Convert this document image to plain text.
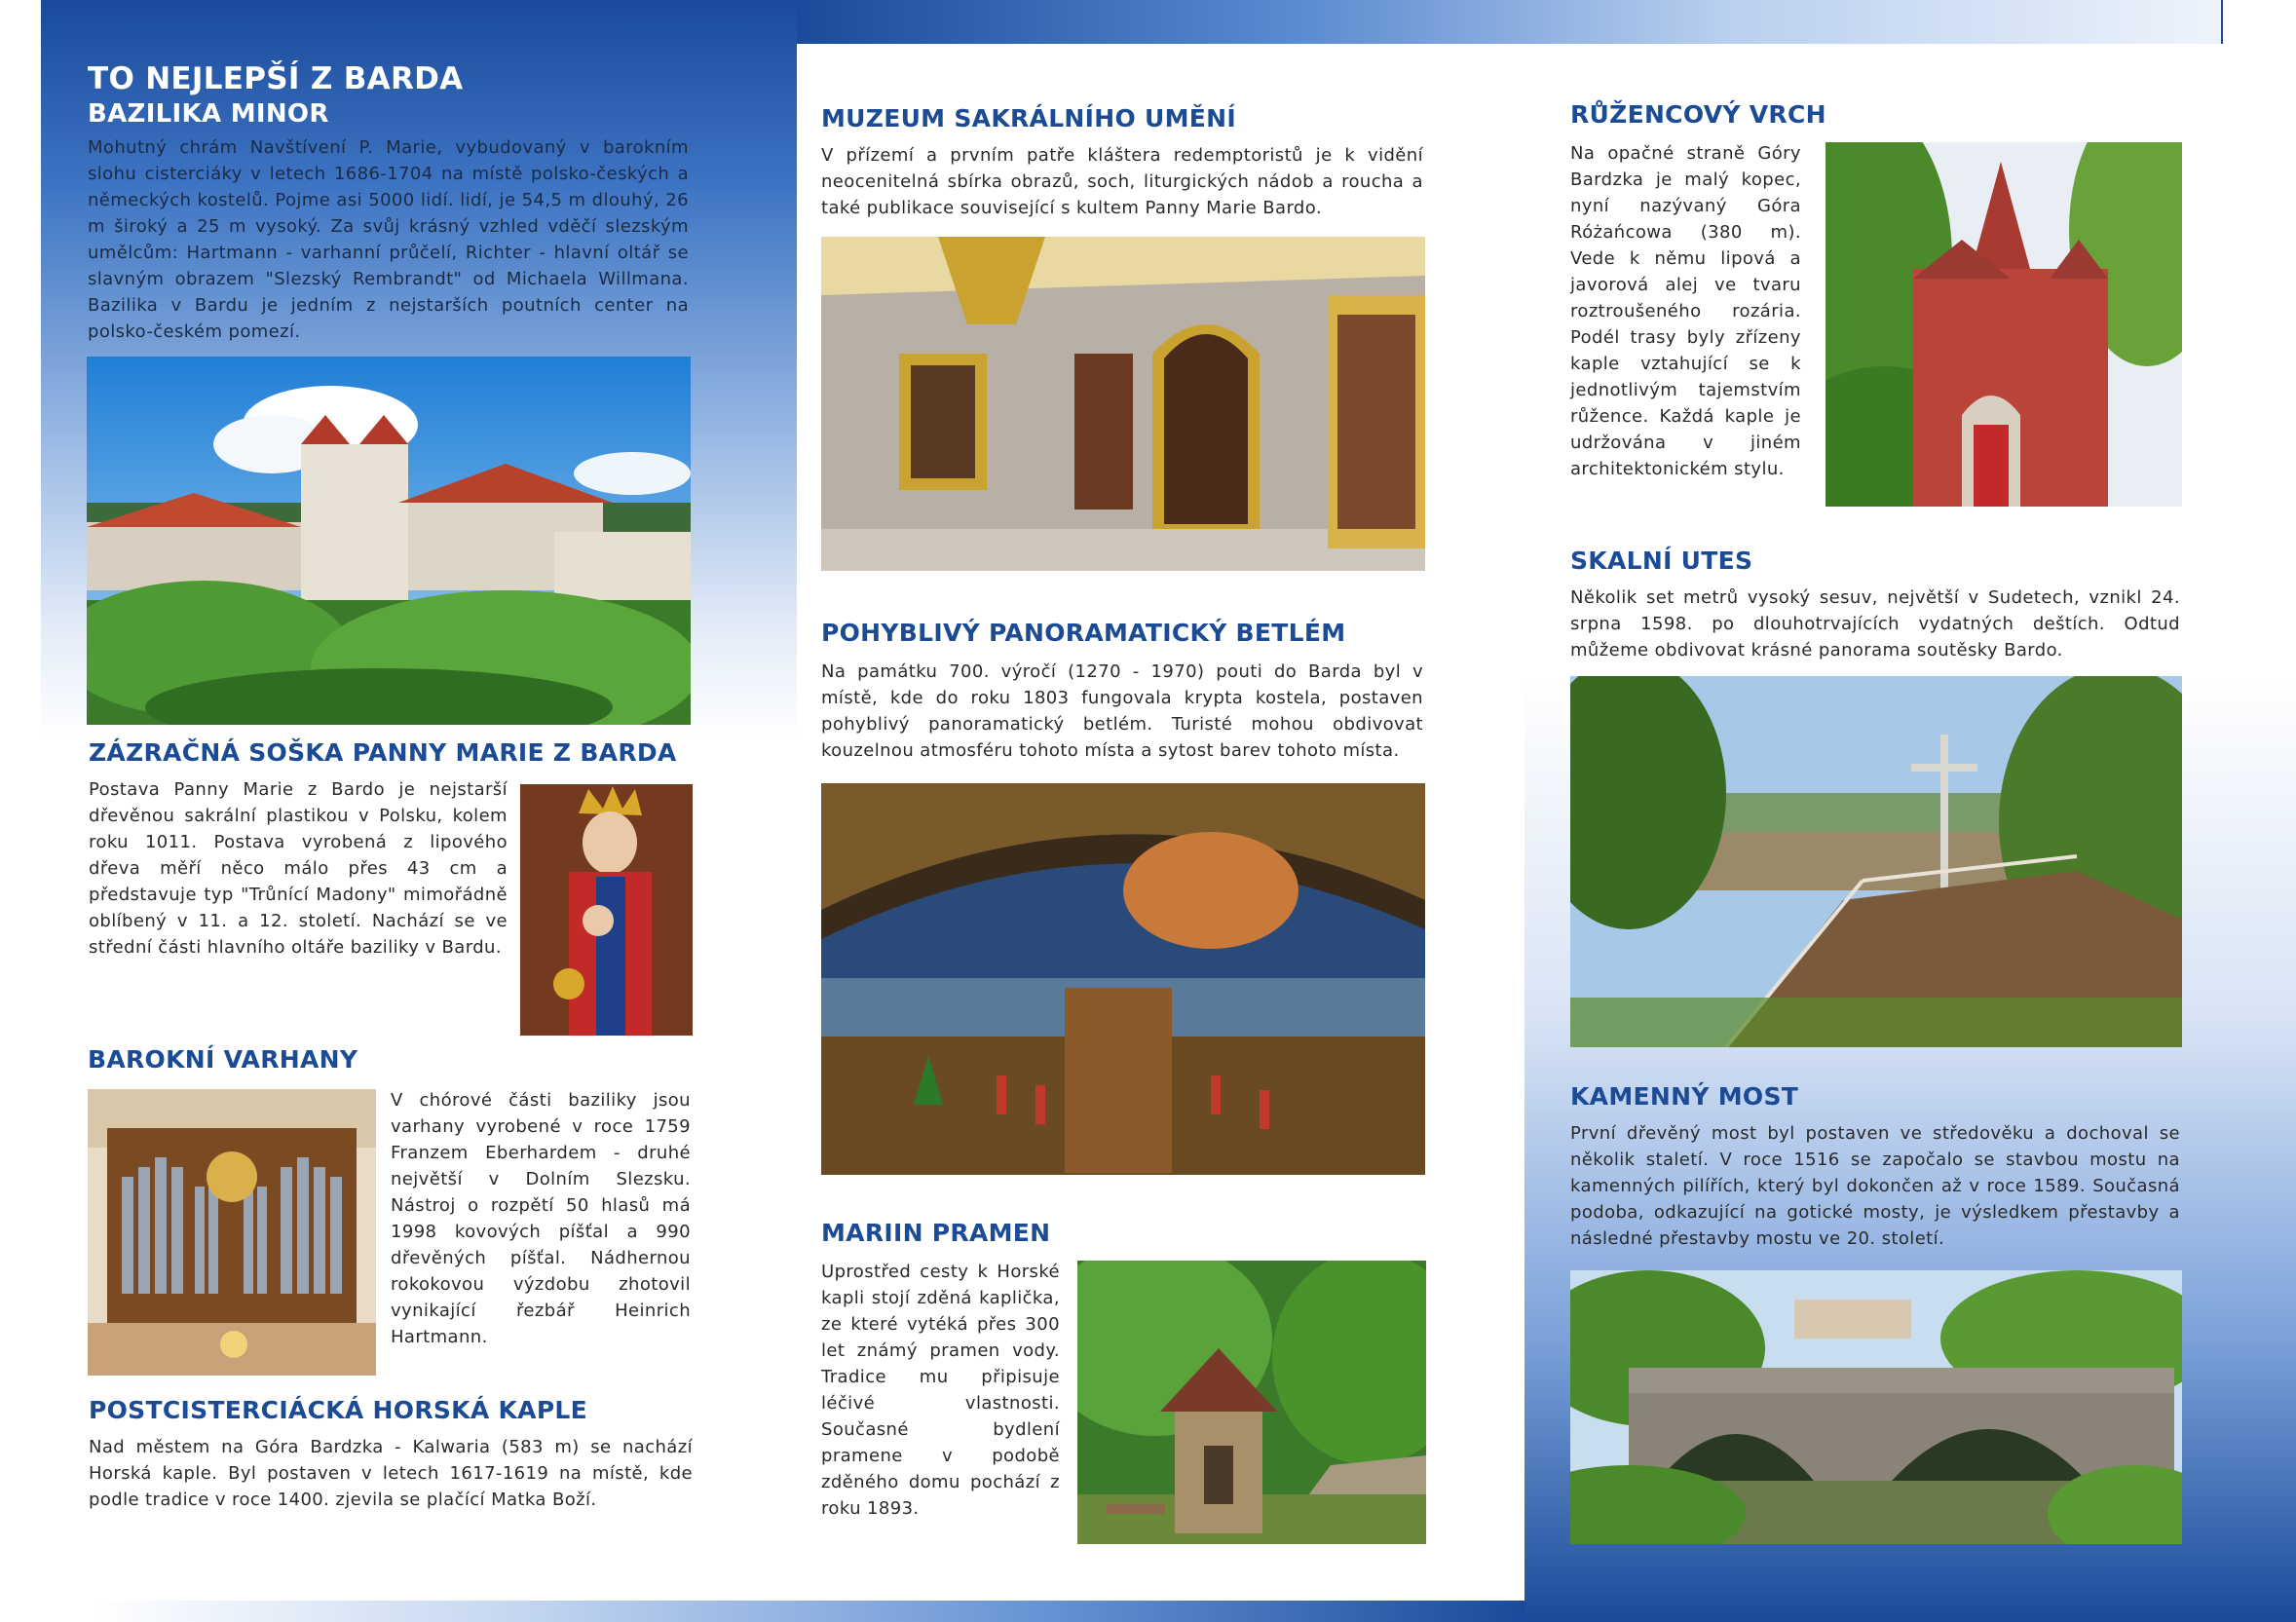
TO NEJLEPŠÍ Z BARDA
BAZILIKA MINOR

Mohutný chrám Navštívení P. Marie, vybudovaný v barokním slohu cisterciáky v letech 1686-1704 na místě polsko-českých a německých kostelů. Pojme asi 5000 lidí. lidí, je 54,5 m dlouhý, 26 m široký a 25 m vysoký. Za svůj krásný vzhled vděčí slezským umělcům: Hartmann - varhanní průčelí, Richter - hlavní oltář se slavným obrazem "Slezský Rembrandt" od Michaela Willmana. Bazilika v Bardu je jedním z nejstarších poutních center na polsko-českém pomezí.

ZÁZRAČNÁ SOŠKA PANNY MARIE Z BARDA

Postava Panny Marie z Bardo je nejstarší dřevěnou sakrální plastikou v Polsku, kolem roku 1011. Postava vyrobená z lipového dřeva měří něco málo přes 43 cm a představuje typ "Trůnící Madony" mimořádně oblíbený v 11. a 12. století. Nachází se ve střední části hlavního oltáře baziliky v Bardu.

BAROKNÍ VARHANY

V chórové části baziliky jsou varhany vyrobené v roce 1759 Franzem Eberhardem - druhé největší v Dolním Slezsku. Nástroj o rozpětí 50 hlasů má 1998 kovových píšťal a 990 dřevěných píšťal. Nádhernou rokokovou výzdobu zhotovil vynikající řezbář Heinrich Hartmann.

POSTCISTERCIÁCKÁ HORSKÁ KAPLE

Nad městem na Góra Bardzka - Kalwaria (583 m) se nachází Horská kaple. Byl postaven v letech 1617-1619 na místě, kde podle tradice v roce 1400. zjevila se plačící Matka Boží.

MUZEUM SAKRÁLNÍHO UMĚNÍ

V přízemí a prvním patře kláštera redemptoristů je k vidění neocenitelná sbírka obrazů, soch, liturgických nádob a roucha a také publikace související s kultem Panny Marie Bardo.

POHYBLIVÝ PANORAMATICKÝ BETLÉM

Na památku 700. výročí (1270 - 1970) pouti do Barda byl v místě, kde do roku 1803 fungovala krypta kostela, postaven pohyblivý panoramatický betlém. Turisté mohou obdivovat kouzelnou atmosféru tohoto místa a sytost barev tohoto místa.

MARIIN PRAMEN

Uprostřed cesty k Horské kapli stojí zděná kaplička, ze které vytéká přes 300 let známý pramen vody. Tradice mu připisuje léčivé vlastnosti. Současné bydlení pramene v podobě zděného domu pochází z roku 1893.

RŮŽENCOVÝ VRCH

Na opačné straně Góry Bardzka je malý kopec, nyní nazývaný Góra Różańcowa (380 m). Vede k němu lipová a javorová alej ve tvaru roztroušeného rozária. Podél trasy byly zřízeny kaple vztahující se k jednotlivým tajemstvím růžence. Každá kaple je udržována v jiném architektonickém stylu.

SKALNÍ UTES

Několik set metrů vysoký sesuv, největší v Sudetech, vznikl 24. srpna 1598. po dlouhotrvajících vydatných deštích. Odtud můžeme obdivovat krásné panorama soutěsky Bardo.

KAMENNÝ MOST

První dřevěný most byl postaven ve středověku a dochoval se několik staletí. V roce 1516 se započalo se stavbou mostu na kamenných pilířích, který byl dokončen až v roce 1589. Současná podoba, odkazující na gotické mosty, je výsledkem přestavby a následné přestavby mostu ve 20. století.
